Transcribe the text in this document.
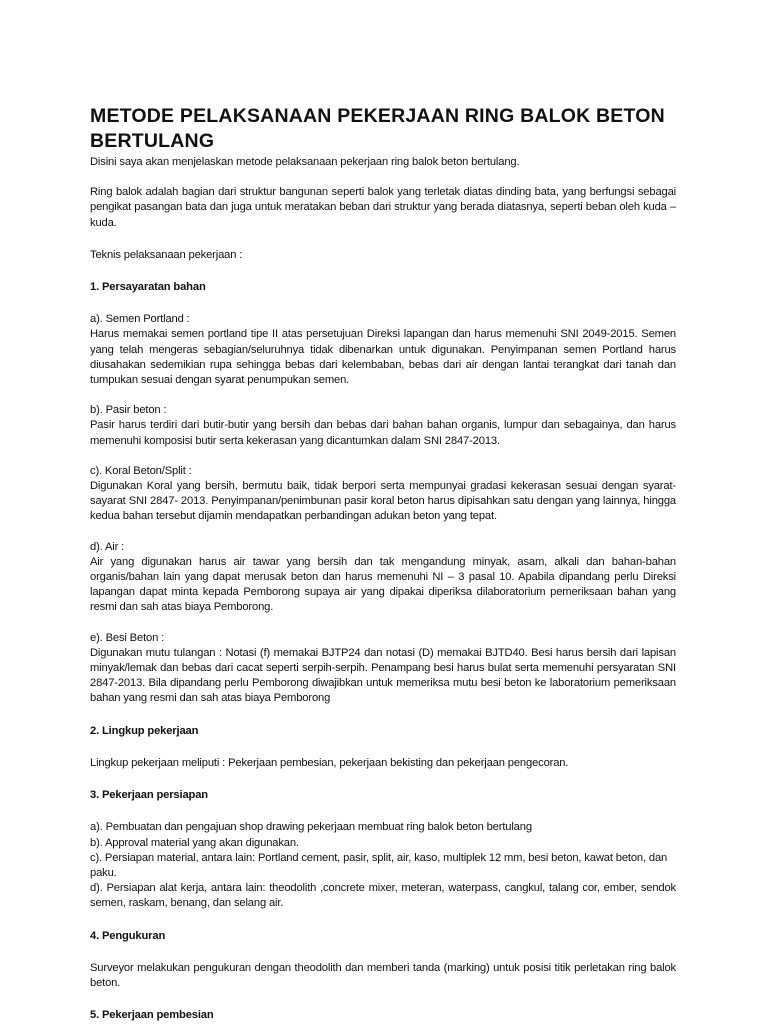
METODE PELAKSANAAN PEKERJAAN RING BALOK BETON BERTULANG

Disini saya akan menjelaskan metode pelaksanaan pekerjaan ring balok beton bertulang.

Ring balok adalah bagian dari struktur bangunan seperti balok yang terletak diatas dinding bata, yang berfungsi sebagai pengikat pasangan bata dan juga untuk meratakan beban dari struktur yang berada diatasnya, seperti beban oleh kuda – kuda.

Teknis pelaksanaan pekerjaan :

1. Persayaratan bahan

a). Semen Portland :

Harus memakai semen portland tipe II atas persetujuan Direksi lapangan dan harus memenuhi SNI 2049-2015. Semen yang telah mengeras sebagian/seluruhnya tidak dibenarkan untuk digunakan. Penyimpanan semen Portland harus diusahakan sedemikian rupa sehingga bebas dari kelembaban, bebas dari air dengan lantai terangkat dari tanah dan tumpukan sesuai dengan syarat penumpukan semen.

b). Pasir beton :

Pasir harus terdiri dari butir-butir yang bersih dan bebas dari bahan bahan organis, lumpur dan sebagainya, dan harus memenuhi komposisi butir serta kekerasan yang dicantumkan dalam SNI 2847-2013.

c). Koral Beton/Split :

Digunakan Koral yang bersih, bermutu baik, tidak berpori serta mempunyai gradasi kekerasan sesuai dengan syarat-sayarat SNI 2847- 2013. Penyimpanan/penimbunan pasir koral beton harus dipisahkan satu dengan yang lainnya, hingga kedua bahan tersebut dijamin mendapatkan perbandingan adukan beton yang tepat.

d). Air :

Air yang digunakan harus air tawar yang bersih dan tak mengandung minyak, asam, alkali dan bahan-bahan organis/bahan lain yang dapat merusak beton dan harus memenuhi NI – 3 pasal 10. Apabila dipandang perlu Direksi lapangan dapat minta kepada Pemborong supaya air yang dipakai diperiksa dilaboratorium pemeriksaan bahan yang resmi dan sah atas biaya Pemborong.

e). Besi Beton :

Digunakan mutu tulangan : Notasi (f) memakai BJTP24 dan notasi (D) memakai BJTD40. Besi harus bersih dari lapisan minyak/lemak dan bebas dari cacat seperti serpih-serpih. Penampang besi harus bulat serta memenuhi persyaratan SNI 2847-2013. Bila dipandang perlu Pemborong diwajibkan untuk memeriksa mutu besi beton ke laboratorium pemeriksaan bahan yang resmi dan sah atas biaya Pemborong

2. Lingkup pekerjaan

Lingkup pekerjaan meliputi : Pekerjaan pembesian, pekerjaan bekisting dan pekerjaan pengecoran.

3. Pekerjaan persiapan

a). Pembuatan dan pengajuan shop drawing pekerjaan membuat ring balok beton bertulang

b). Approval material yang akan digunakan.

c). Persiapan material, antara lain: Portland cement, pasir, split, air, kaso, multiplek 12 mm, besi beton, kawat beton, dan paku.

d). Persiapan alat kerja, antara lain: theodolith ,concrete mixer, meteran, waterpass, cangkul, talang cor, ember, sendok semen, raskam, benang, dan selang air.

4. Pengukuran

Surveyor melakukan pengukuran dengan theodolith dan memberi tanda (marking) untuk posisi titik perletakan ring balok beton.

5. Pekerjaan pembesian
